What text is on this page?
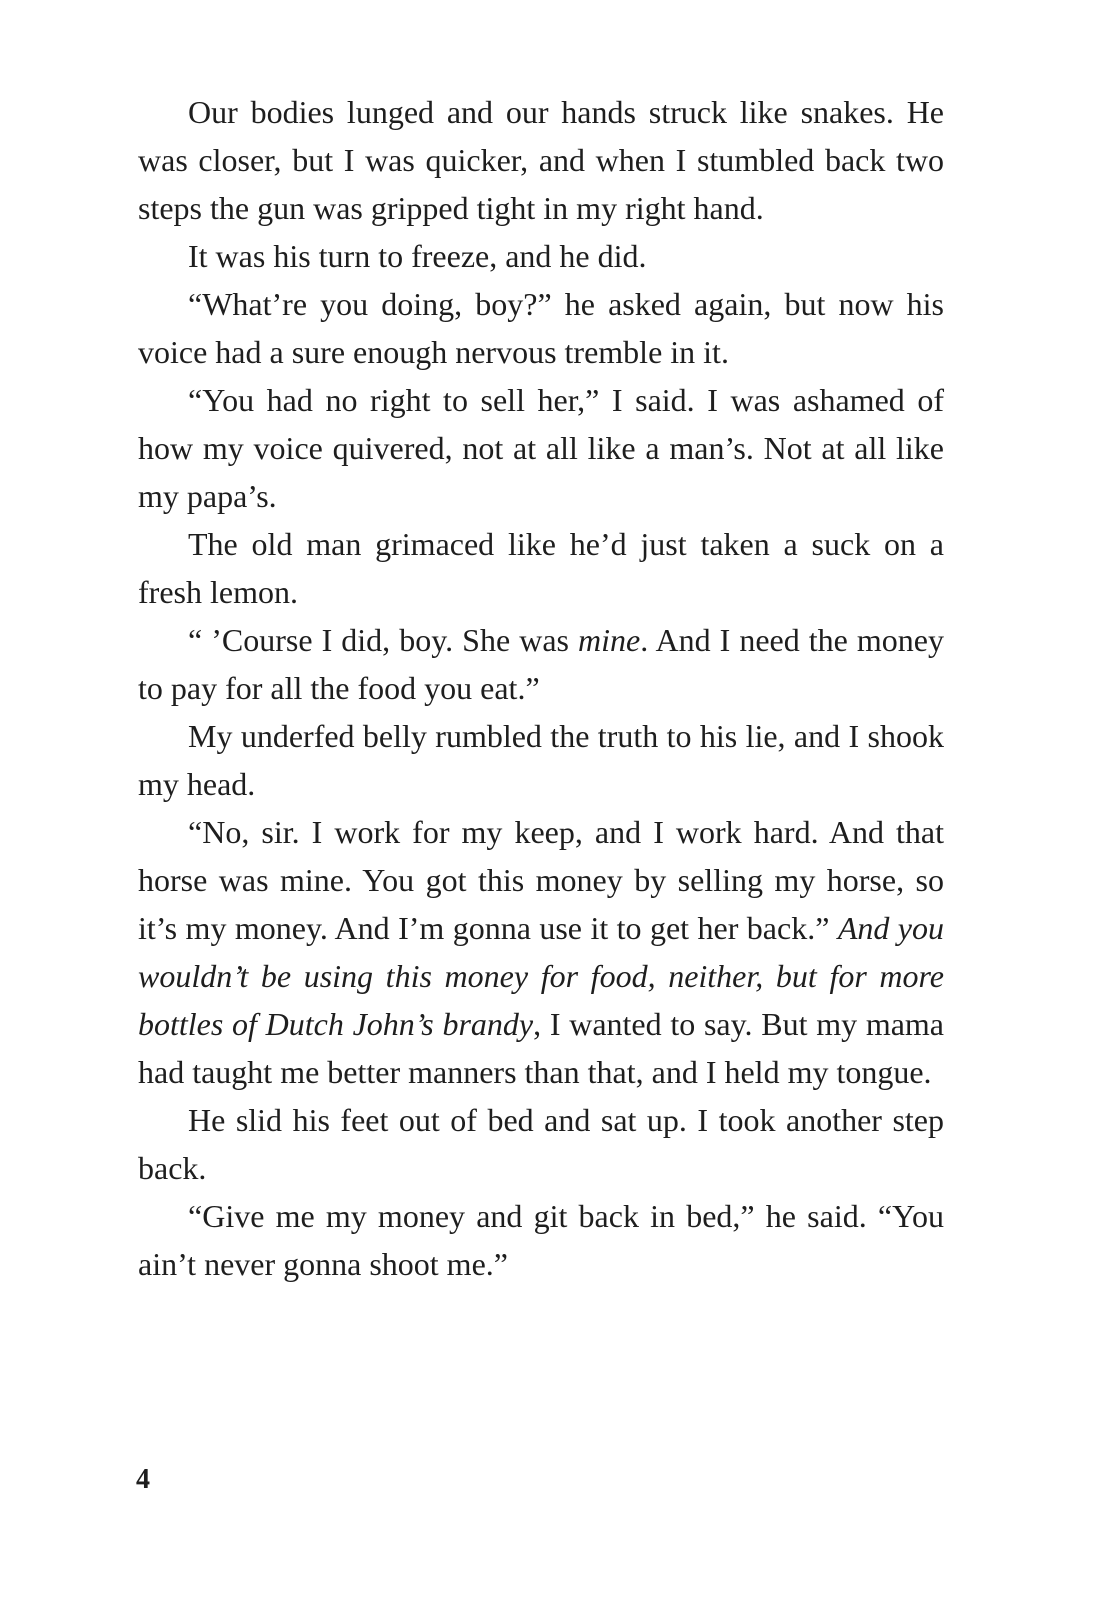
Our bodies lunged and our hands struck like snakes. He was closer, but I was quicker, and when I stumbled back two steps the gun was gripped tight in my right hand.

It was his turn to freeze, and he did.

“What’re you doing, boy?” he asked again, but now his voice had a sure enough nervous tremble in it.

“You had no right to sell her,” I said. I was ashamed of how my voice quivered, not at all like a man’s. Not at all like my papa’s.

The old man grimaced like he’d just taken a suck on a fresh lemon.

“ ’Course I did, boy. She was mine. And I need the money to pay for all the food you eat.”

My underfed belly rumbled the truth to his lie, and I shook my head.

“No, sir. I work for my keep, and I work hard. And that horse was mine. You got this money by selling my horse, so it’s my money. And I’m gonna use it to get her back.” And you wouldn’t be using this money for food, neither, but for more bottles of Dutch John’s brandy, I wanted to say. But my mama had taught me better manners than that, and I held my tongue.

He slid his feet out of bed and sat up. I took another step back.

“Give me my money and git back in bed,” he said. “You ain’t never gonna shoot me.”

4
